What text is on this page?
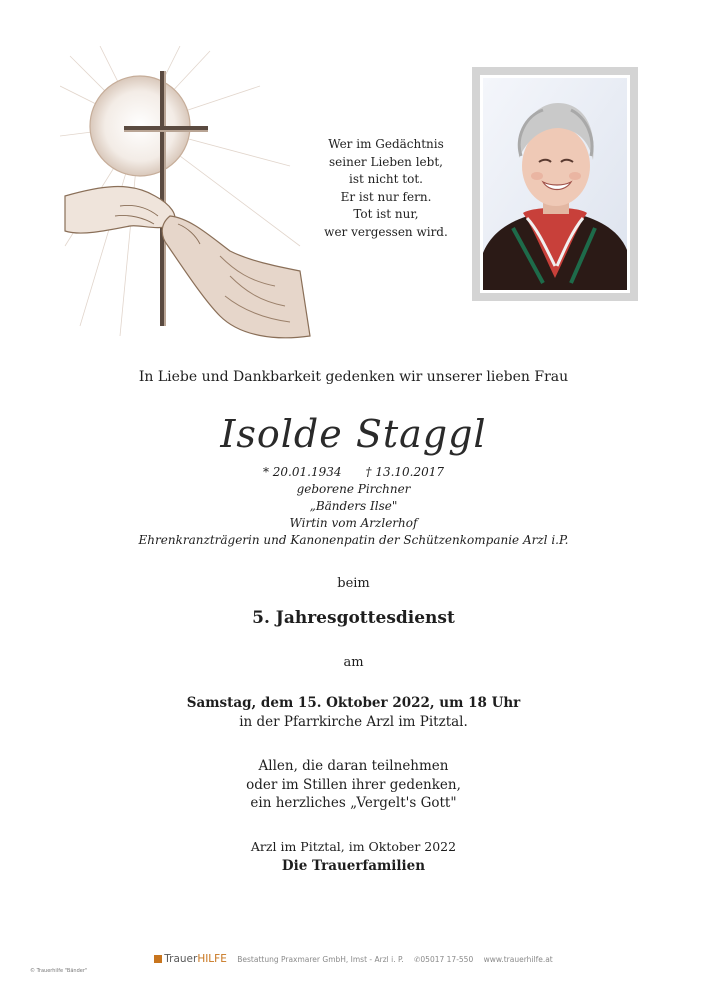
Wer im Gedächtnis
seiner Lieben lebt,
ist nicht tot.
Er ist nur fern.
Tot ist nur,
wer vergessen wird.
In Liebe und Dankbarkeit gedenken wir unserer lieben Frau
Isolde Staggl
* 20.01.1934 † 13.10.2017
geborene Pirchner
„Bänders Ilse"
Wirtin vom Arzlerhof
Ehrenkranzträgerin und Kanonenpatin der Schützenkompanie Arzl i.P.
beim
5. Jahresgottesdienst
am
Samstag, dem 15. Oktober 2022, um 18 Uhr
in der Pfarrkirche Arzl im Pitztal.
Allen, die daran teilnehmen
oder im Stillen ihrer gedenken,
ein herzliches „Vergelt's Gott"
Arzl im Pitztal, im Oktober 2022
Die Trauerfamilien
TrauerHILFE Bestattung Praxmarer GmbH, Imst - Arzl i. P. ✆05017 17-550 www.trauerhilfe.at
© Trauerhilfe "Bänder"
